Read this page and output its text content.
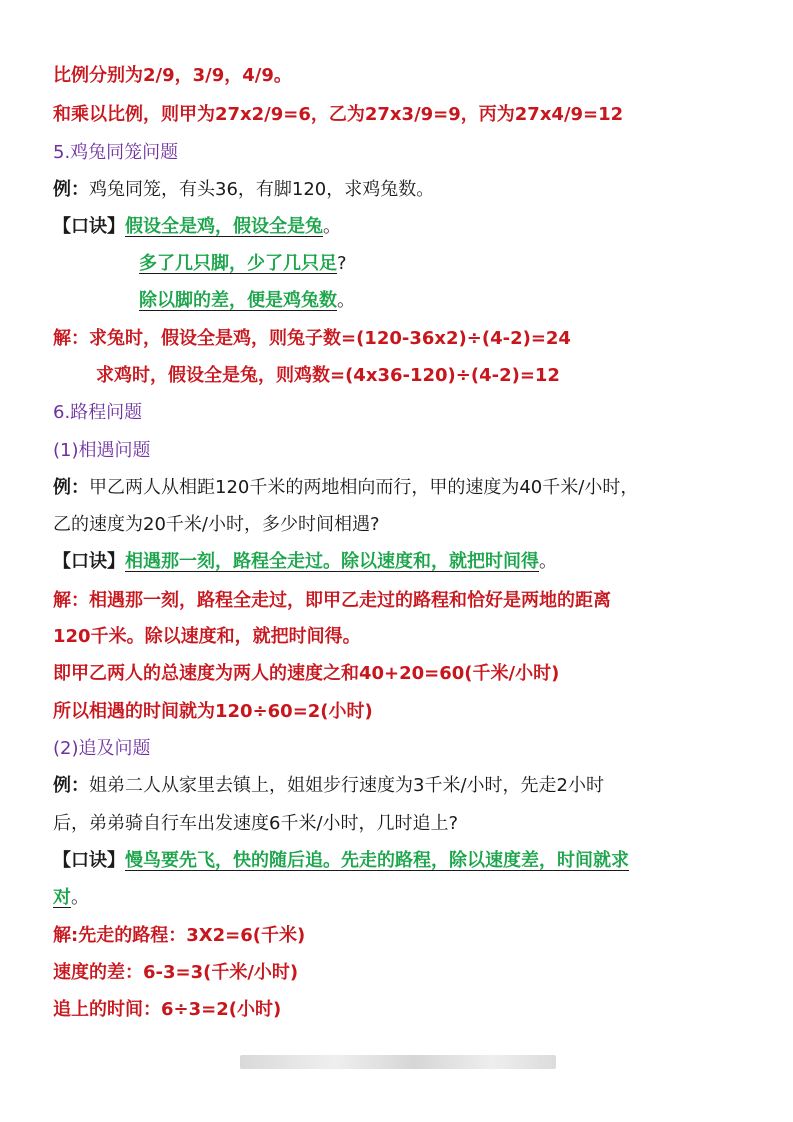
比例分别为2/9，3/9，4/9。
和乘以比例，则甲为27x2/9=6，乙为27x3/9=9，丙为27x4/9=12
5.鸡兔同笼问题
例：鸡兔同笼，有头36，有脚120，求鸡兔数。
【口诀】假设全是鸡，假设全是兔。
多了几只脚，少了几只足?
除以脚的差，便是鸡兔数。
解：求兔时，假设全是鸡，则兔子数=(120-36x2)÷(4-2)=24
求鸡时，假设全是兔，则鸡数=(4x36-120)÷(4-2)=12
6.路程问题
(1)相遇问题
例：甲乙两人从相距120千米的两地相向而行，甲的速度为40千米/小时，
乙的速度为20千米/小时，多少时间相遇?
【口诀】相遇那一刻，路程全走过。除以速度和，就把时间得。
解：相遇那一刻，路程全走过，即甲乙走过的路程和恰好是两地的距离
120千米。除以速度和，就把时间得。
即甲乙两人的总速度为两人的速度之和40+20=60(千米/小时)
所以相遇的时间就为120÷60=2(小时)
(2)追及问题
例：姐弟二人从家里去镇上，姐姐步行速度为3千米/小时，先走2小时
后，弟弟骑自行车出发速度6千米/小时，几时追上?
【口诀】慢鸟要先飞，快的随后追。先走的路程，除以速度差，时间就求
对。
解:先走的路程：3X2=6(千米)
速度的差：6-3=3(千米/小时)
追上的时间：6÷3=2(小时)
